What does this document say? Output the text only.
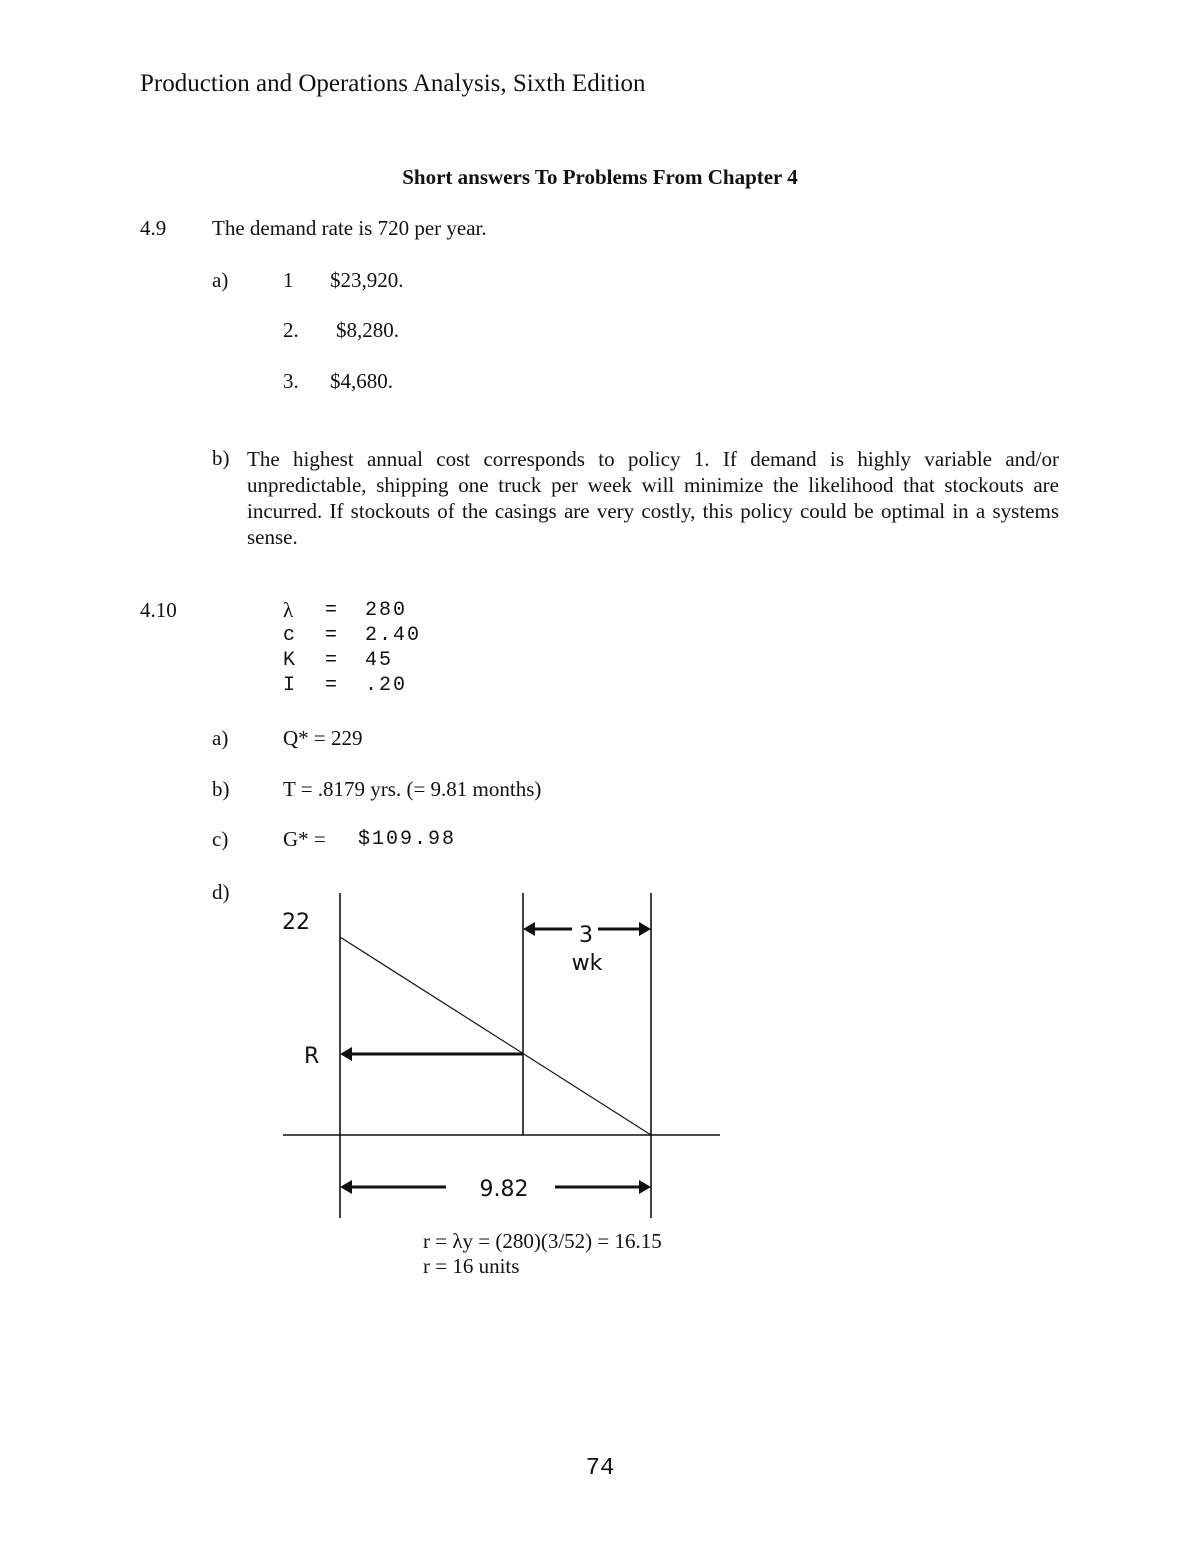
Production and Operations Analysis, Sixth Edition
Short answers To Problems From Chapter 4
4.9 The demand rate is 720 per year.
a)	1 $23,920.
2. $8,280.
3. $4,680.
b) The highest annual cost corresponds to policy 1. If demand is highly variable and/or unpredictable, shipping one truck per week will minimize the likelihood that stockouts are incurred. If stockouts of the casings are very costly, this policy could be optimal in a systems sense.
4.10	λ = 280
c = 2.40
K = 45
I = .20
a)	Q* = 229
b)	T = .8179 yrs. (= 9.81 months)
c)	G* = $109.98
d)
22
R
3
wk
9.82
r = λy = (280)(3/52) = 16.15
r = 16 units
74
